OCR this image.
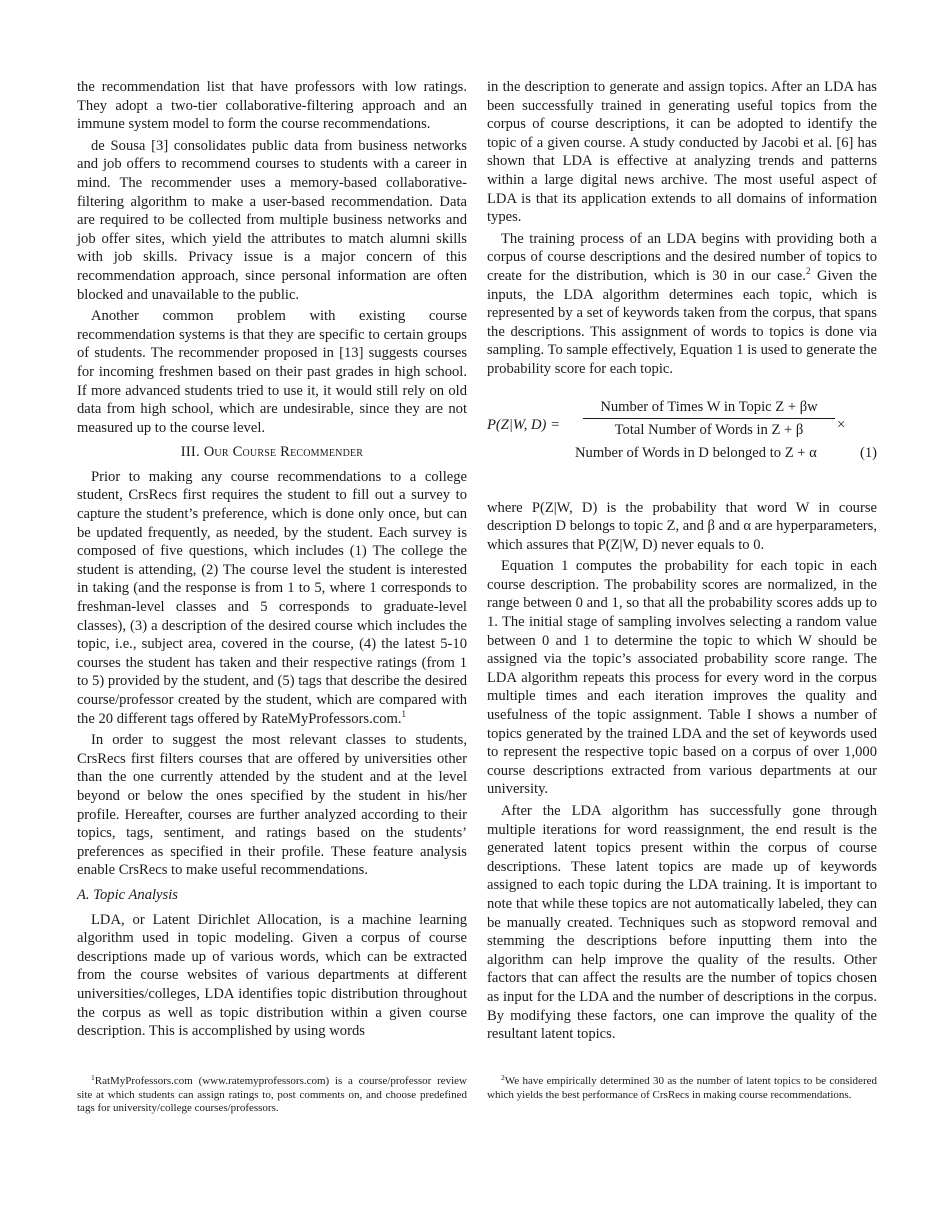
the recommendation list that have professors with low ratings. They adopt a two-tier collaborative-filtering approach and an immune system model to form the course recommendations.

de Sousa [3] consolidates public data from business networks and job offers to recommend courses to students with a career in mind. The recommender uses a memory-based collaborative-filtering algorithm to make a user-based recommendation. Data are required to be collected from multiple business networks and job offer sites, which yield the attributes to match alumni skills with job skills. Privacy issue is a major concern of this recommendation approach, since personal information are often blocked and unavailable to the public.

Another common problem with existing course recommendation systems is that they are specific to certain groups of students. The recommender proposed in [13] suggests courses for incoming freshmen based on their past grades in high school. If more advanced students tried to use it, it would still rely on old data from high school, which are undesirable, since they are not measured up to the course level.

III. Our Course Recommender

Prior to making any course recommendations to a college student, CrsRecs first requires the student to fill out a survey to capture the student’s preference, which is done only once, but can be updated frequently, as needed, by the student. Each survey is composed of five questions, which includes (1) The college the student is attending, (2) The course level the student is interested in taking (and the response is from 1 to 5, where 1 corresponds to freshman-level classes and 5 corresponds to graduate-level classes), (3) a description of the desired course which includes the topic, i.e., subject area, covered in the course, (4) the latest 5-10 courses the student has taken and their respective ratings (from 1 to 5) provided by the student, and (5) tags that describe the desired course/professor created by the student, which are compared with the 20 different tags offered by RateMyProfessors.com.$^1$

In order to suggest the most relevant classes to students, CrsRecs first filters courses that are offered by universities other than the one currently attended by the student and at the level beyond or below the ones specified by the student in his/her profile. Hereafter, courses are further analyzed according to their topics, tags, sentiment, and ratings based on the students’ preferences as specified in their profile. These feature analysis enable CrsRecs to make useful recommendations.

A. Topic Analysis

LDA, or Latent Dirichlet Allocation, is a machine learning algorithm used in topic modeling. Given a corpus of course descriptions made up of various words, which can be extracted from the course websites of various departments at different universities/colleges, LDA identifies topic distribution throughout the corpus as well as topic distribution within a given course description. This is accomplished by using words

in the description to generate and assign topics. After an LDA has been successfully trained in generating useful topics from the corpus of course descriptions, it can be adopted to identify the topic of a given course. A study conducted by Jacobi et al. [6] has shown that LDA is effective at analyzing trends and patterns within a large digital news archive. The most useful aspect of LDA is that its application extends to all domains of information types.

The training process of an LDA begins with providing both a corpus of course descriptions and the desired number of topics to create for the distribution, which is 30 in our case.$^2$ Given the inputs, the LDA algorithm determines each topic, which is represented by a set of keywords taken from the corpus, that spans the descriptions. This assignment of words to topics is done via sampling. To sample effectively, Equation 1 is used to generate the probability score for each topic.

P(Z|W, D) =
Number of Times W in Topic Z + βw
Total Number of Words in Z + β	×
Number of Words in D belonged to Z + α	(1)

where P(Z|W, D) is the probability that word W in course description D belongs to topic Z, and β and α are hyperparameters, which assures that P(Z|W, D) never equals to 0.

Equation 1 computes the probability for each topic in each course description. The probability scores are normalized, in the range between 0 and 1, so that all the probability scores adds up to 1. The initial stage of sampling involves selecting a random value between 0 and 1 to determine the topic to which W should be assigned via the topic’s associated probability score range. The LDA algorithm repeats this process for every word in the corpus multiple times and each iteration improves the quality and usefulness of the topic assignment. Table I shows a number of topics generated by the trained LDA and the set of keywords used to represent the respective topic based on a corpus of over 1,000 course descriptions extracted from various departments at our university.

After the LDA algorithm has successfully gone through multiple iterations for word reassignment, the end result is the generated latent topics present within the corpus of course descriptions. These latent topics are made up of keywords assigned to each topic during the LDA training. It is important to note that while these topics are not automatically labeled, they can be manually created. Techniques such as stopword removal and stemming the descriptions before inputting them into the algorithm can help improve the quality of the results. Other factors that can affect the results are the number of topics chosen as input for the LDA and the number of descriptions in the corpus. By modifying these factors, one can improve the quality of the resultant latent topics.

$^1$RatMyProfessors.com (www.ratemyprofessors.com) is a course/professor review site at which students can assign ratings to, post comments on, and choose predefined tags for university/college courses/professors.
$^2$We have empirically determined 30 as the number of latent topics to be considered which yields the best performance of CrsRecs in making course recommendations.
